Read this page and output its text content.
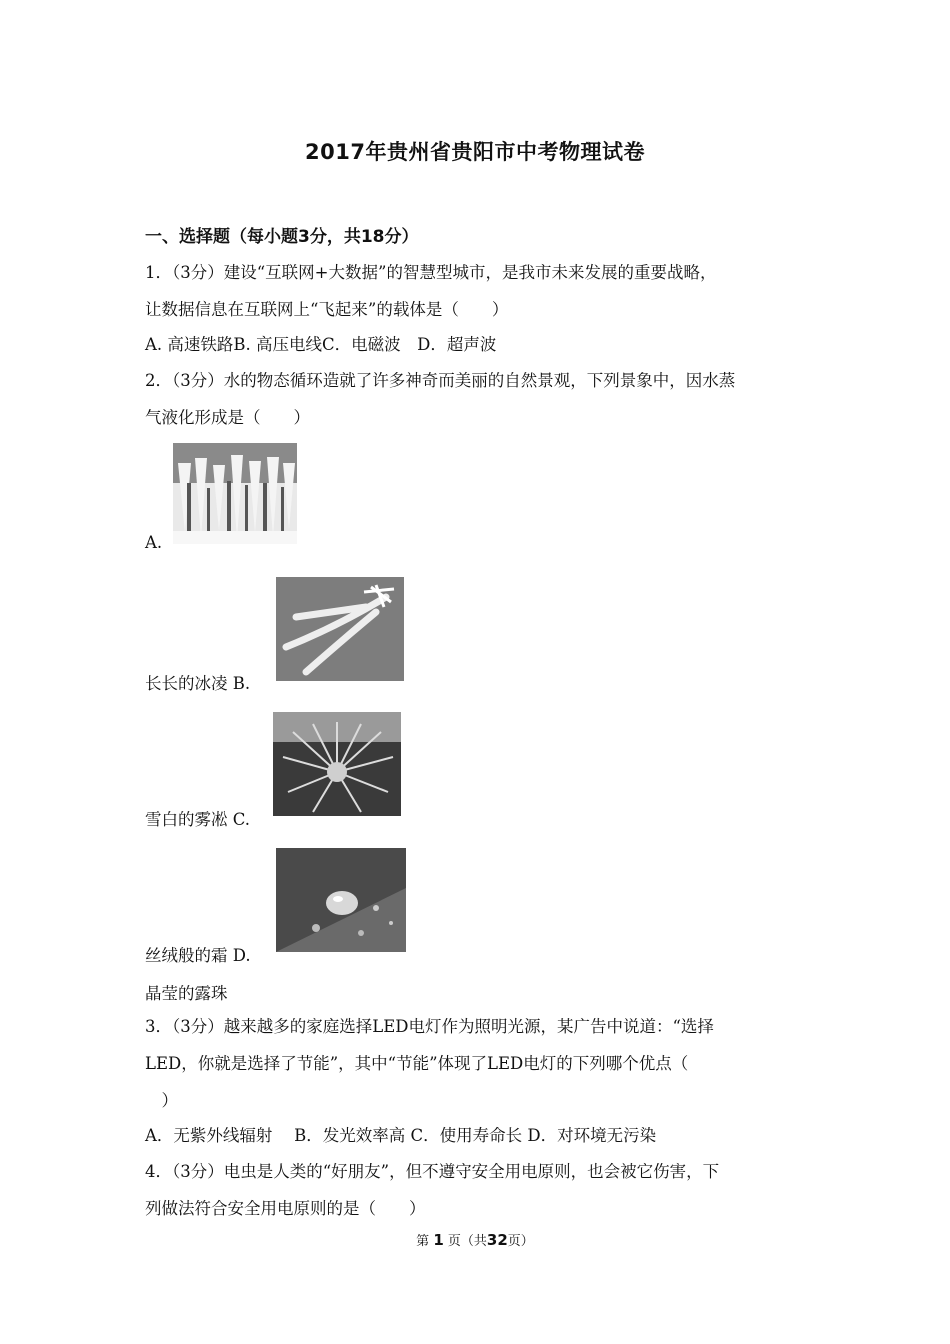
2017年贵州省贵阳市中考物理试卷
一、选择题（每小题3分，共18分）
1．（3分）建设“互联网+大数据”的智慧型城市，是我市未来发展的重要战略，
让数据信息在互联网上“飞起来”的载体是（　　）
A. 高速铁路B. 高压电线C．电磁波　D．超声波
2．（3分）水的物态循环造就了许多神奇而美丽的自然景观，下列景象中，因水蒸
气液化形成是（　　）
A.
长长的冰凌 B.
雪白的雾凇 C.
丝绒般的霜 D.
晶莹的露珠
3．（3分）越来越多的家庭选择LED电灯作为照明光源，某广告中说道：“选择
LED，你就是选择了节能”，其中“节能”体现了LED电灯的下列哪个优点（
　）
A．无紫外线辐射　 B．发光效率高 C．使用寿命长 D．对环境无污染
4．（3分）电虫是人类的“好朋友”，但不遵守安全用电原则，也会被它伤害，下
列做法符合安全用电原则的是（　　）
第 1 页（共32页）
